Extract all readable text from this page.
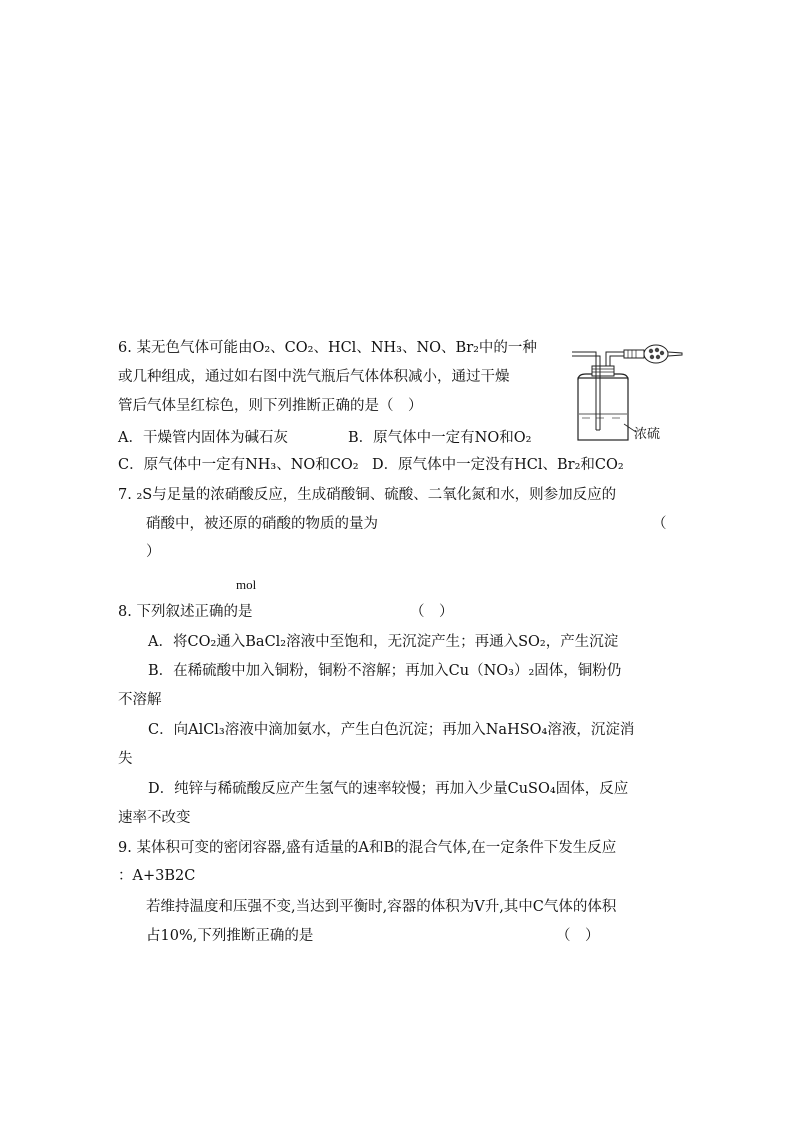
6. 某无色气体可能由O₂、CO₂、HCl、NH₃、NO、Br₂中的一种
或几种组成，通过如右图中洗气瓶后气体体积减小，通过干燥
管后气体呈红棕色，则下列推断正确的是（　）
A．干燥管内固体为碱石灰	B．原气体中一定有NO和O₂
C．原气体中一定有NH₃、NO和CO₂ D．原气体中一定没有HCl、Br₂和CO₂
浓硫
7. ₂S与足量的浓硝酸反应，生成硝酸铜、硫酸、二氧化氮和水，则参加反应的
硝酸中，被还原的硝酸的物质的量为	（
）
mol
8. 下列叙述正确的是	（　）
A．将CO₂通入BaCl₂溶液中至饱和，无沉淀产生；再通入SO₂，产生沉淀
B．在稀硫酸中加入铜粉，铜粉不溶解；再加入Cu（NO₃）₂固体，铜粉仍
不溶解
C．向AlCl₃溶液中滴加氨水，产生白色沉淀；再加入NaHSO₄溶液，沉淀消
失
D．纯锌与稀硫酸反应产生氢气的速率较慢；再加入少量CuSO₄固体，反应
速率不改变
9. 某体积可变的密闭容器,盛有适量的A和B的混合气体,在一定条件下发生反应
：A+3B2C
若维持温度和压强不变,当达到平衡时,容器的体积为V升,其中C气体的体积
占10%,下列推断正确的是	（　）
